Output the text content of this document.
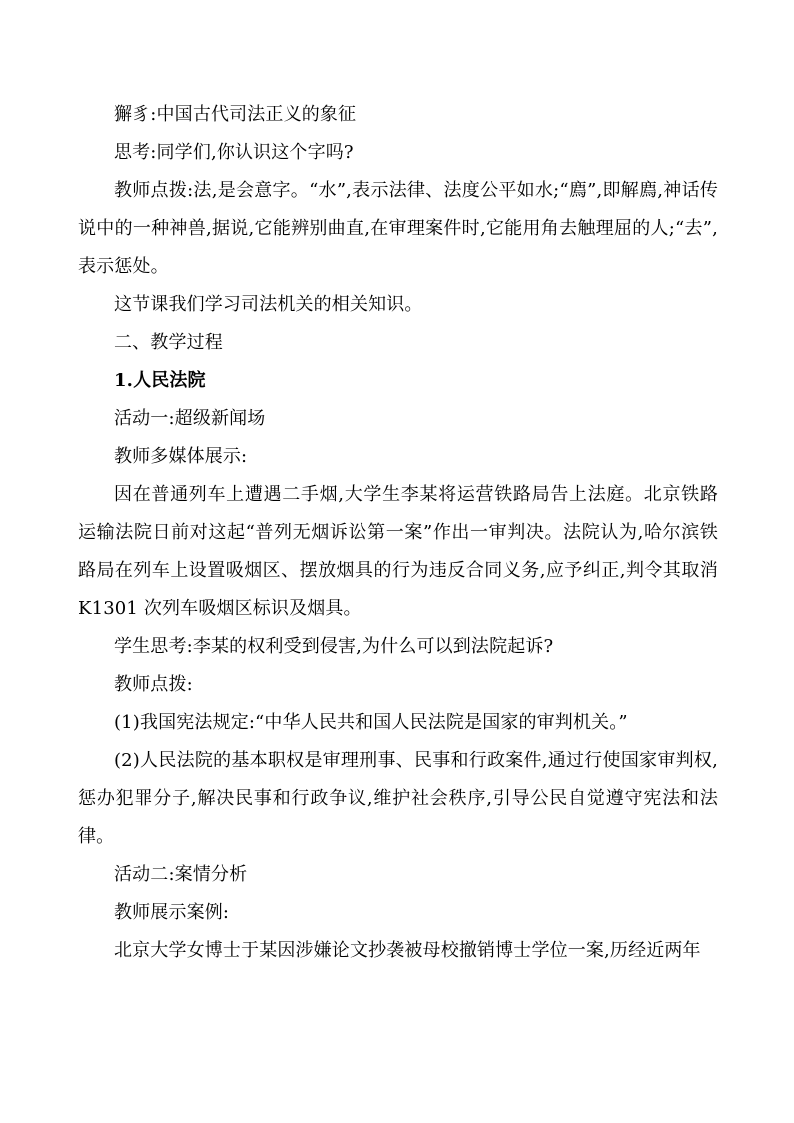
獬豸:中国古代司法正义的象征

思考:同学们,你认识这个字吗?

教师点拨:法,是会意字。“水”,表示法律、法度公平如水;“廌”,即解廌,神话传说中的一种神兽,据说,它能辨别曲直,在审理案件时,它能用角去触理屈的人;“去”,表示惩处。

这节课我们学习司法机关的相关知识。

二、教学过程

1.人民法院

活动一:超级新闻场

教师多媒体展示:

因在普通列车上遭遇二手烟,大学生李某将运营铁路局告上法庭。北京铁路运输法院日前对这起“普列无烟诉讼第一案”作出一审判决。法院认为,哈尔滨铁路局在列车上设置吸烟区、摆放烟具的行为违反合同义务,应予纠正,判令其取消K1301 次列车吸烟区标识及烟具。

学生思考:李某的权利受到侵害,为什么可以到法院起诉?

教师点拨:

(1)我国宪法规定:“中华人民共和国人民法院是国家的审判机关。”

(2)人民法院的基本职权是审理刑事、民事和行政案件,通过行使国家审判权,惩办犯罪分子,解决民事和行政争议,维护社会秩序,引导公民自觉遵守宪法和法律。

活动二:案情分析

教师展示案例:

北京大学女博士于某因涉嫌论文抄袭被母校撤销博士学位一案,历经近两年
